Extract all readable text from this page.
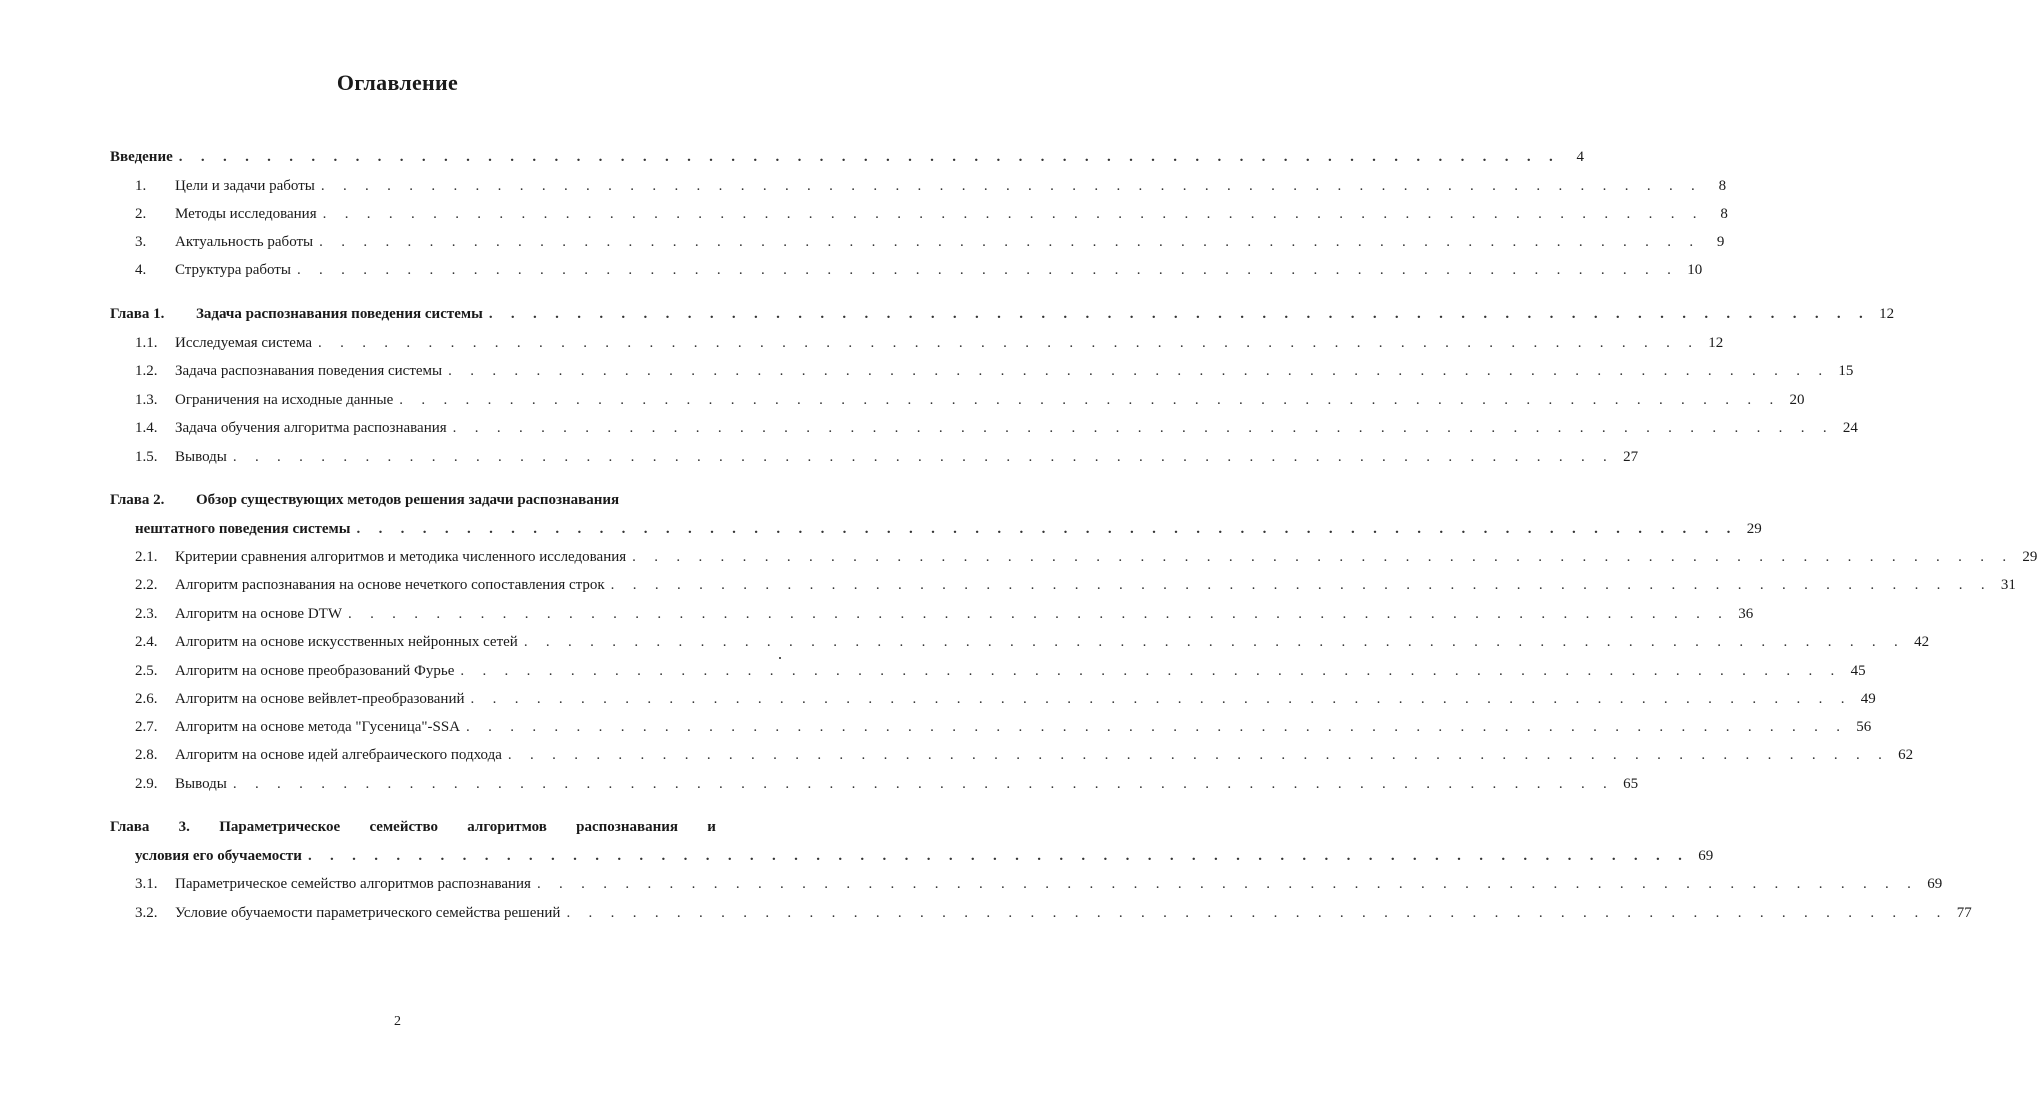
Оглавление
Введение . . . . . . . . . . . . . . . . . . . . . . . . . . . . . . . . . . . . . . . . . . . . . . . . . . . . . . . . . . . . . . .	4
1.	Цели и задачи работы . . . . . . . . . . . . . . . . . . . . . . . . . . . . . . . . . . . . . . . . . . . . . . . . . . . . . . . . . . . . . . .	8
2.	Методы исследования . . . . . . . . . . . . . . . . . . . . . . . . . . . . . . . . . . . . . . . . . . . . . . . . . . . . . . . . . . . . . . .	8
3.	Актуальность работы . . . . . . . . . . . . . . . . . . . . . . . . . . . . . . . . . . . . . . . . . . . . . . . . . . . . . . . . . . . . . . .	9
4.	Структура работы . . . . . . . . . . . . . . . . . . . . . . . . . . . . . . . . . . . . . . . . . . . . . . . . . . . . . . . . . . . . . . . 10
Глава 1.	Задача распознавания поведения системы . . . . . . . . . . . . . . . . . . . . . . . . . . . . . . . . . . . . . . . . . . . . . . . . . . . . . . . . . . . . . . . 12
1.1.	Исследуемая система . . . . . . . . . . . . . . . . . . . . . . . . . . . . . . . . . . . . . . . . . . . . . . . . . . . . . . . . . . . . . . . 12
1.2.	Задача распознавания поведения системы . . . . . . . . . . . . . . . . . . . . . . . . . . . . . . . . . . . . . . . . . . . . . . . . . . . . . . . . . . . . . . . 15
1.3.	Ограничения на исходные данные . . . . . . . . . . . . . . . . . . . . . . . . . . . . . . . . . . . . . . . . . . . . . . . . . . . . . . . . . . . . . . . 20
1.4.	Задача обучения алгоритма распознавания . . . . . . . . . . . . . . . . . . . . . . . . . . . . . . . . . . . . . . . . . . . . . . . . . . . . . . . . . . . . . . . 24
1.5.	Выводы . . . . . . . . . . . . . . . . . . . . . . . . . . . . . . . . . . . . . . . . . . . . . . . . . . . . . . . . . . . . . . . 27
Глава 2. Обзор существующих методов решения задачи распознавания
нештатного поведения системы . . . . . . . . . . . . . . . . . . . . . . . . . . . . . . . . . . . . . . . . . . . . . . . . . . . . . . . . . . . . . . . 29
2.1.	Критерии сравнения алгоритмов и методика численного исследования . . . . . . . . . . . . . . . . . . . . . . . . . . . . . . . . . . . . . . . . . . . . . . . . . . . . . . . . . . . . . . . 29
2.2.	Алгоритм распознавания на основе нечеткого сопоставления строк . . . . . . . . . . . . . . . . . . . . . . . . . . . . . . . . . . . . . . . . . . . . . . . . . . . . . . . . . . . . . . . 31
2.3.	Алгоритм на основе DTW . . . . . . . . . . . . . . . . . . . . . . . . . . . . . . . . . . . . . . . . . . . . . . . . . . . . . . . . . . . . . . . 36
2.4.	Алгоритм на основе искусственных нейронных сетей . . . . . . . . . . . . . . . . . . . . . . . . . . . . . . . . . . . . . . . . . . . . . . . . . . . . . . . . . . . . . . . 42
2.5.	Алгоритм на основе преобразований Фурье . . . . . . . . . . . . . . . . . . . . . . . . . . . . . . . . . . . . . . . . . . . . . . . . . . . . . . . . . . . . . . . 45
2.6.	Алгоритм на основе вейвлет-преобразований . . . . . . . . . . . . . . . . . . . . . . . . . . . . . . . . . . . . . . . . . . . . . . . . . . . . . . . . . . . . . . . 49
2.7.	Алгоритм на основе метода "Гусеница"-SSA . . . . . . . . . . . . . . . . . . . . . . . . . . . . . . . . . . . . . . . . . . . . . . . . . . . . . . . . . . . . . . . 56
2.8.	Алгоритм на основе идей алгебраического подхода . . . . . . . . . . . . . . . . . . . . . . . . . . . . . . . . . . . . . . . . . . . . . . . . . . . . . . . . . . . . . . . 62
2.9.	Выводы . . . . . . . . . . . . . . . . . . . . . . . . . . . . . . . . . . . . . . . . . . . . . . . . . . . . . . . . . . . . . . . 65
Глава 3. Параметрическое семейство алгоритмов распознавания и
условия его обучаемости . . . . . . . . . . . . . . . . . . . . . . . . . . . . . . . . . . . . . . . . . . . . . . . . . . . . . . . . . . . . . . . 69
3.1.	Параметрическое семейство алгоритмов распознавания . . . . . . . . . . . . . . . . . . . . . . . . . . . . . . . . . . . . . . . . . . . . . . . . . . . . . . . . . . . . . . . 69
3.2.	Условие обучаемости параметрического семейства решений . . . . . . . . . . . . . . . . . . . . . . . . . . . . . . . . . . . . . . . . . . . . . . . . . . . . . . . . . . . . . . . 77
2
